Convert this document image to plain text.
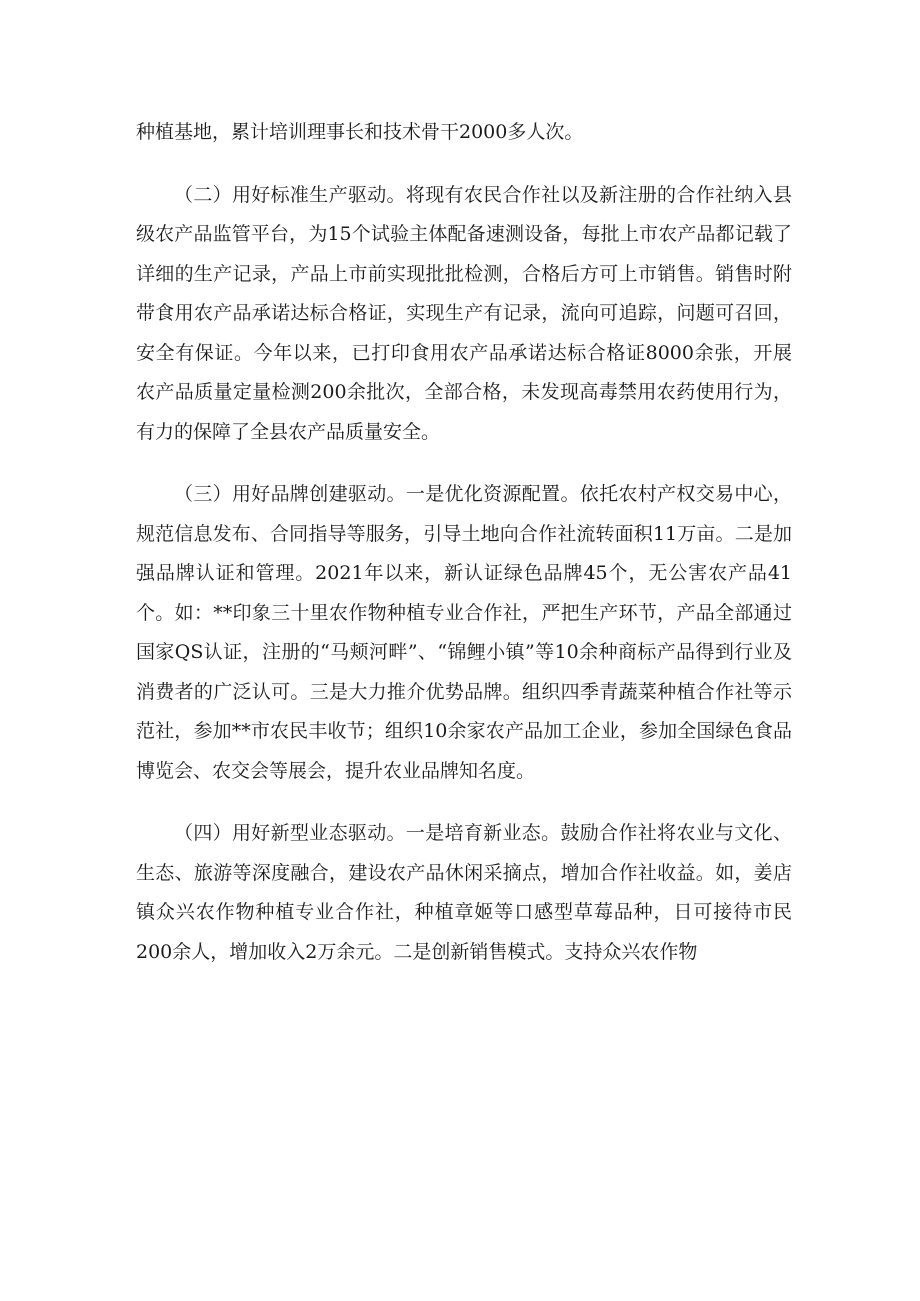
种植基地，累计培训理事长和技术骨干2000多人次。

（二）用好标准生产驱动。将现有农民合作社以及新注册的合作社纳入县级农产品监管平台，为15个试验主体配备速测设备，每批上市农产品都记载了详细的生产记录，产品上市前实现批批检测，合格后方可上市销售。销售时附带食用农产品承诺达标合格证，实现生产有记录，流向可追踪，问题可召回，安全有保证。今年以来，已打印食用农产品承诺达标合格证8000余张，开展农产品质量定量检测200余批次，全部合格，未发现高毒禁用农药使用行为，有力的保障了全县农产品质量安全。

（三）用好品牌创建驱动。一是优化资源配置。依托农村产权交易中心，规范信息发布、合同指导等服务，引导土地向合作社流转面积11万亩。二是加强品牌认证和管理。2021年以来，新认证绿色品牌45个，无公害农产品41个。如：**印象三十里农作物种植专业合作社，严把生产环节，产品全部通过国家QS认证，注册的“马颊河畔”、“锦鲤小镇”等10余种商标产品得到行业及消费者的广泛认可。三是大力推介优势品牌。组织四季青蔬菜种植合作社等示范社，参加**市农民丰收节；组织10余家农产品加工企业，参加全国绿色食品博览会、农交会等展会，提升农业品牌知名度。

（四）用好新型业态驱动。一是培育新业态。鼓励合作社将农业与文化、生态、旅游等深度融合，建设农产品休闲采摘点，增加合作社收益。如，姜店镇众兴农作物种植专业合作社，种植章姬等口感型草莓品种，日可接待市民200余人，增加收入2万余元。二是创新销售模式。支持众兴农作物
